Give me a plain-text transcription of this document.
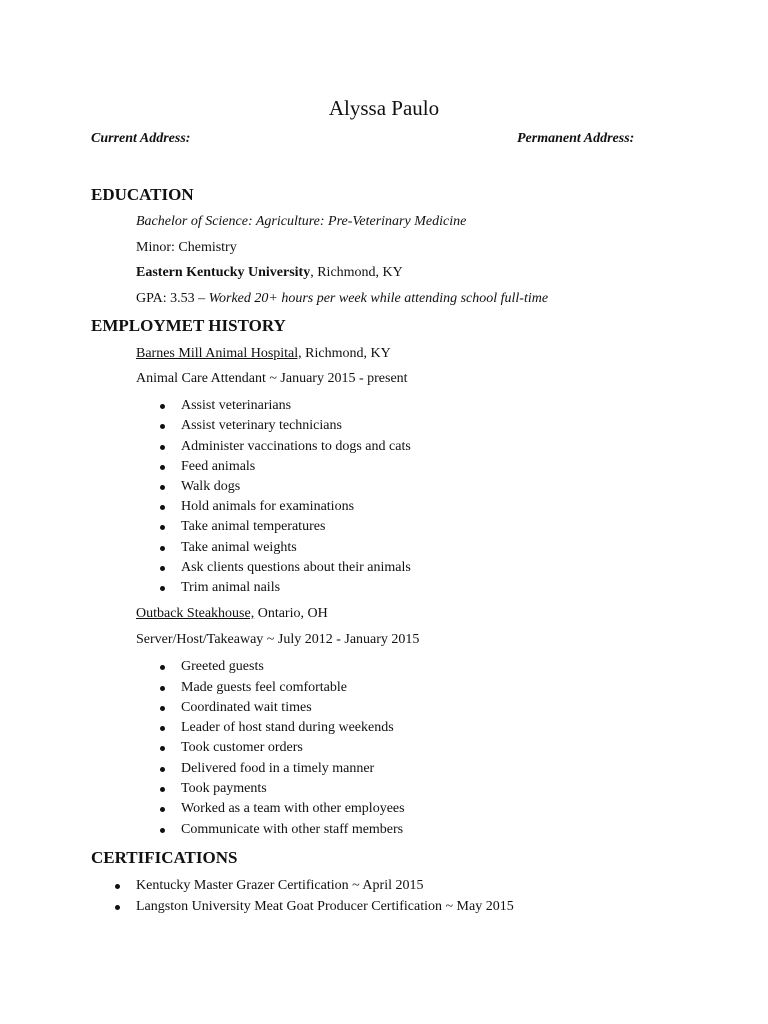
Alyssa Paulo
Current Address:	Permanent Address:
EDUCATION
Bachelor of Science: Agriculture: Pre-Veterinary Medicine
Minor: Chemistry
Eastern Kentucky University, Richmond, KY
GPA: 3.53 – Worked 20+ hours per week while attending school full-time
EMPLOYMET HISTORY
Barnes Mill Animal Hospital, Richmond, KY
Animal Care Attendant ~ January 2015 - present
Assist veterinarians
Assist veterinary technicians
Administer vaccinations to dogs and cats
Feed animals
Walk dogs
Hold animals for examinations
Take animal temperatures
Take animal weights
Ask clients questions about their animals
Trim animal nails
Outback Steakhouse, Ontario, OH
Server/Host/Takeaway ~ July 2012 - January 2015
Greeted guests
Made guests feel comfortable
Coordinated wait times
Leader of host stand during weekends
Took customer orders
Delivered food in a timely manner
Took payments
Worked as a team with other employees
Communicate with other staff members
CERTIFICATIONS
Kentucky Master Grazer Certification ~ April 2015
Langston University Meat Goat Producer Certification ~ May 2015
